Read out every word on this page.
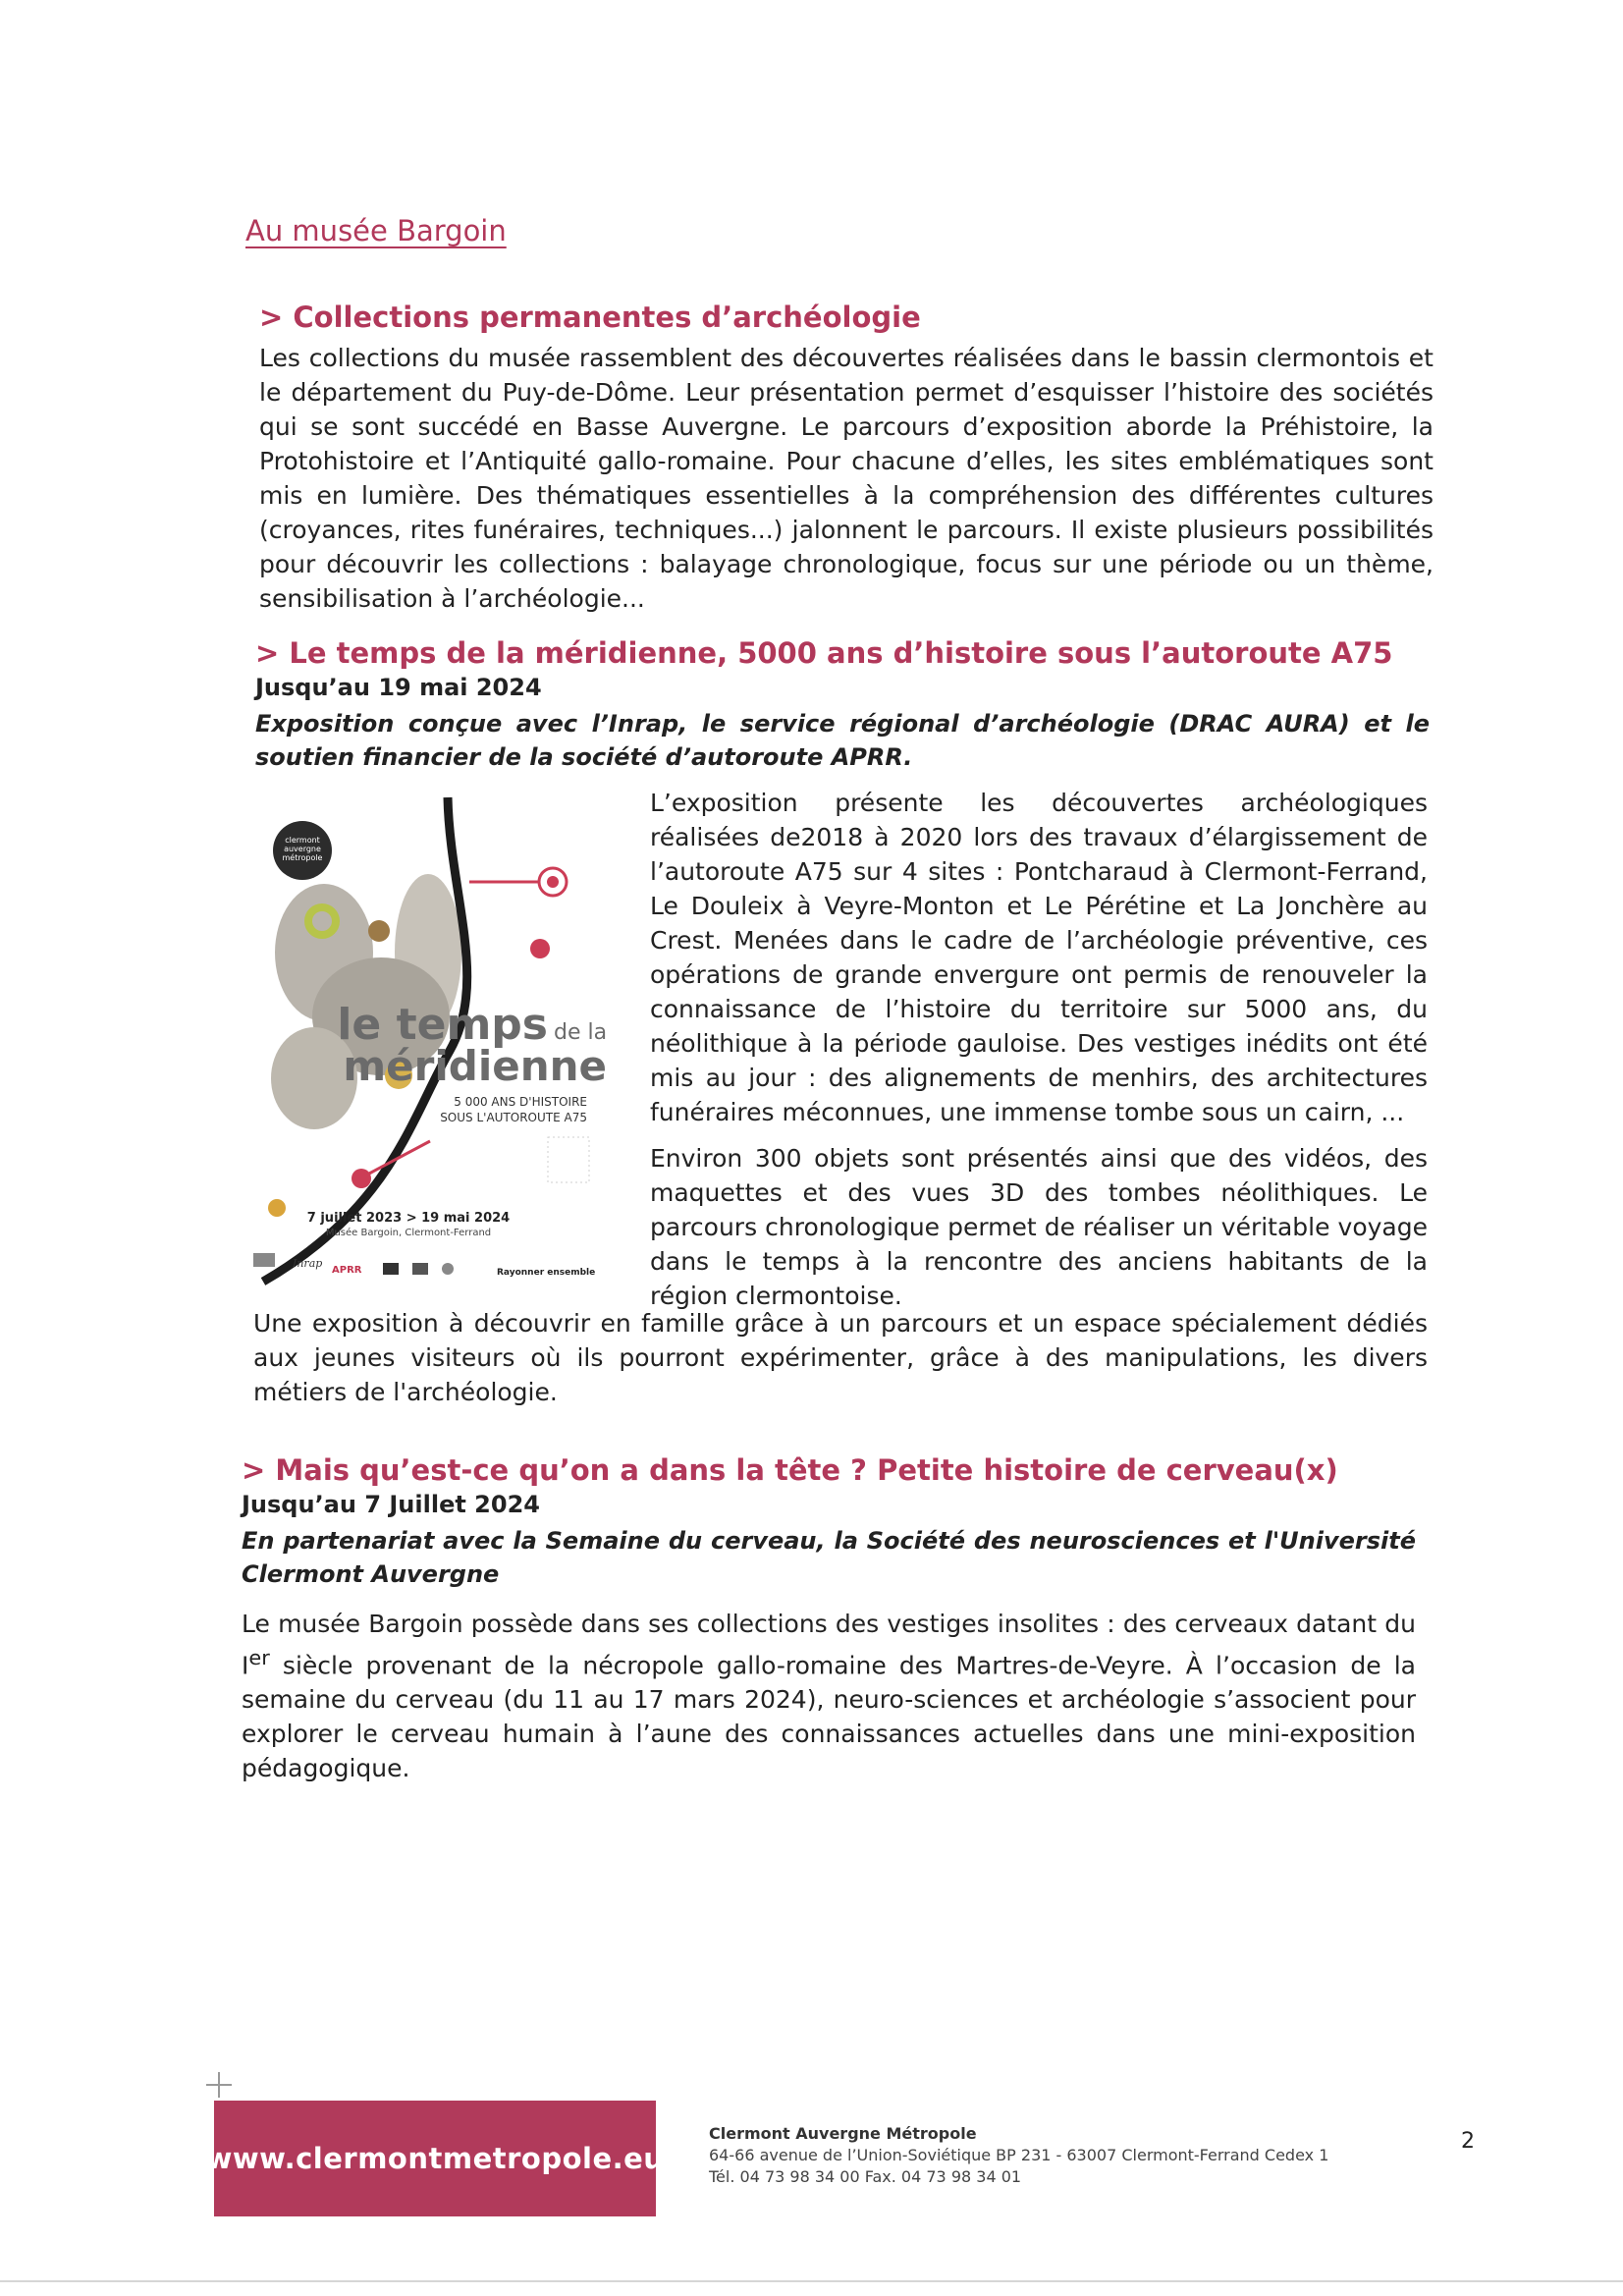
Au musée Bargoin
> Collections permanentes d’archéologie

Les collections du musée rassemblent des découvertes réalisées dans le bassin clermontois et le département du Puy-de-Dôme. Leur présentation permet d’esquisser l’histoire des sociétés qui se sont succédé en Basse Auvergne. Le parcours d’exposition aborde la Préhistoire, la Protohistoire et l’Antiquité gallo-romaine. Pour chacune d’elles, les sites emblématiques sont mis en lumière. Des thématiques essentielles à la compréhension des différentes cultures (croyances, rites funéraires, techniques...) jalonnent le parcours. Il existe plusieurs possibilités pour découvrir les collections : balayage chronologique, focus sur une période ou un thème, sensibilisation à l’archéologie...

> Le temps de la méridienne, 5000 ans d’histoire sous l’autoroute A75
Jusqu’au 19 mai 2024

Exposition conçue avec l’Inrap, le service régional d’archéologie (DRAC AURA) et le soutien financier de la société d’autoroute APRR.

clermont
auvergne
métropole
le temps de la
méridienne
5 000 ANS D'HISTOIRE
SOUS L'AUTOROUTE A75
7 juillet 2023 > 19 mai 2024
Musée Bargoin, Clermont-Ferrand
Inrap
APRR	Rayonner ensemble

L’exposition présente les découvertes archéologiques réalisées de2018 à 2020 lors des travaux d’élargissement de l’autoroute A75 sur 4 sites : Pontcharaud à Clermont-Ferrand, Le Douleix à Veyre-Monton et Le Pérétine et La Jonchère au Crest. Menées dans le cadre de l’archéologie préventive, ces opérations de grande envergure ont permis de renouveler la connaissance de l’histoire du territoire sur 5000 ans, du néolithique à la période gauloise. Des vestiges inédits ont été mis au jour : des alignements de menhirs, des architectures funéraires méconnues, une immense tombe sous un cairn, ...

Environ 300 objets sont présentés ainsi que des vidéos, des maquettes et des vues 3D des tombes néolithiques. Le parcours chronologique permet de réaliser un véritable voyage dans le temps à la rencontre des anciens habitants de la région clermontoise.

Une exposition à découvrir en famille grâce à un parcours et un espace spécialement dédiés aux jeunes visiteurs où ils pourront expérimenter, grâce à des manipulations, les divers métiers de l'archéologie.

> Mais qu’est-ce qu’on a dans la tête ? Petite histoire de cerveau(x)
Jusqu’au 7 Juillet 2024

En partenariat avec la Semaine du cerveau, la Société des neurosciences et l'Université Clermont Auvergne

Le musée Bargoin possède dans ses collections des vestiges insolites : des cerveaux datant du Ier siècle provenant de la nécropole gallo-romaine des Martres-de-Veyre. À l’occasion de la semaine du cerveau (du 11 au 17 mars 2024), neuro-sciences et archéologie s’associent pour explorer le cerveau humain à l’aune des connaissances actuelles dans une mini-exposition pédagogique.

www.clermontmetropole.eu
Clermont Auvergne Métropole
64-66 avenue de l’Union-Soviétique BP 231 - 63007 Clermont-Ferrand Cedex 1
Tél. 04 73 98 34 00 Fax. 04 73 98 34 01
2
